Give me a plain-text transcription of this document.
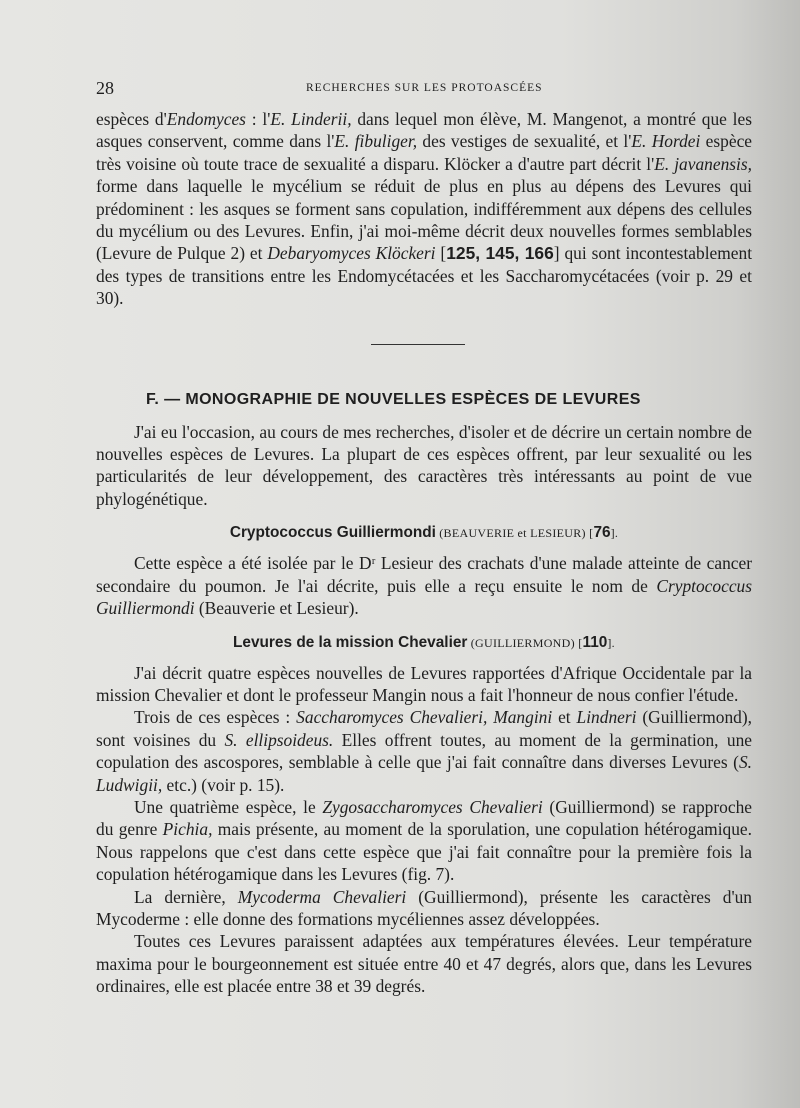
28	RECHERCHES SUR LES PROTOASCÉES

espèces d'Endomyces : l'E. Linderii, dans lequel mon élève, M. Mangenot, a montré que les asques conservent, comme dans l'E. fibuliger, des vestiges de sexualité, et l'E. Hordei espèce très voisine où toute trace de sexualité a disparu. Klöcker a d'autre part décrit l'E. javanensis, forme dans laquelle le mycélium se réduit de plus en plus au dépens des Levures qui prédominent : les asques se forment sans copulation, indifféremment aux dépens des cellules du mycélium ou des Levures. Enfin, j'ai moi-même décrit deux nouvelles formes semblables (Levure de Pulque 2) et Debaryomyces Klöckeri [125, 145, 166] qui sont incontestablement des types de transitions entre les Endomycétacées et les Saccharomycétacées (voir p. 29 et 30).

F. — MONOGRAPHIE DE NOUVELLES ESPÈCES DE LEVURES

J'ai eu l'occasion, au cours de mes recherches, d'isoler et de décrire un certain nombre de nouvelles espèces de Levures. La plupart de ces espèces offrent, par leur sexualité ou les particularités de leur développement, des caractères très intéressants au point de vue phylogénétique.

Cryptococcus Guilliermondi (BEAUVERIE et LESIEUR) [76].

Cette espèce a été isolée par le Dʳ Lesieur des crachats d'une malade atteinte de cancer secondaire du poumon. Je l'ai décrite, puis elle a reçu ensuite le nom de Cryptococcus Guilliermondi (Beauverie et Lesieur).

Levures de la mission Chevalier (GUILLIERMOND) [110].

J'ai décrit quatre espèces nouvelles de Levures rapportées d'Afrique Occidentale par la mission Chevalier et dont le professeur Mangin nous a fait l'honneur de nous confier l'étude.

Trois de ces espèces : Saccharomyces Chevalieri, Mangini et Lindneri (Guilliermond), sont voisines du S. ellipsoideus. Elles offrent toutes, au moment de la germination, une copulation des ascospores, semblable à celle que j'ai fait connaître dans diverses Levures (S. Ludwigii, etc.) (voir p. 15).

Une quatrième espèce, le Zygosaccharomyces Chevalieri (Guilliermond) se rapproche du genre Pichia, mais présente, au moment de la sporulation, une copulation hétérogamique. Nous rappelons que c'est dans cette espèce que j'ai fait connaître pour la première fois la copulation hétérogamique dans les Levures (fig. 7).

La dernière, Mycoderma Chevalieri (Guilliermond), présente les caractères d'un Mycoderme : elle donne des formations mycéliennes assez développées.

Toutes ces Levures paraissent adaptées aux températures élevées. Leur température maxima pour le bourgeonnement est située entre 40 et 47 degrés, alors que, dans les Levures ordinaires, elle est placée entre 38 et 39 degrés.
